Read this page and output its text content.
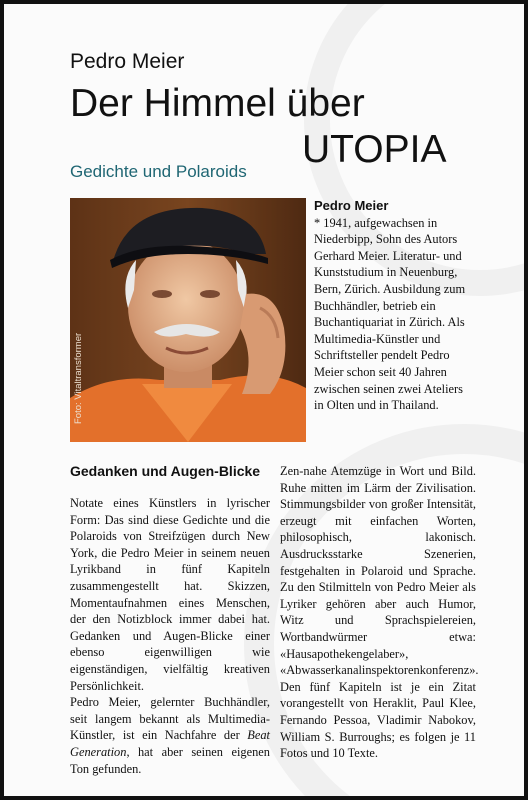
Pedro Meier
Der Himmel über
UTOPIA
Gedichte und Polaroids
Foto: Vitaltransformer
Pedro Meier
* 1941, aufgewachsen in Niederbipp, Sohn des Autors Gerhard Meier. Literatur- und Kunststudium in Neuenburg, Bern, Zürich. Ausbildung zum Buchhändler, betrieb ein Buchantiquariat in Zürich. Als Multimedia-Künstler und Schriftsteller pendelt Pedro Meier schon seit 40 Jahren zwischen seinen zwei Ateliers in Olten und in Thailand.
Gedanken und Augen-Blicke

Notate eines Künstlers in lyrischer Form: Das sind diese Gedichte und die Polaroids von Streifzügen durch New York, die Pedro Meier in seinem neuen Lyrikband in fünf Kapiteln zusammengestellt hat. Skizzen, Momentaufnahmen eines Menschen, der den Notizblock immer dabei hat. Gedanken und Augen-Blicke einer ebenso eigenwilligen wie eigenständigen, vielfältig kreativen Persönlichkeit.

Pedro Meier, gelernter Buchhändler, seit langem bekannt als Multimedia-Künstler, ist ein Nachfahre der Beat Generation, hat aber seinen eigenen Ton gefunden.

Zen-nahe Atemzüge in Wort und Bild. Ruhe mitten im Lärm der Zivilisation. Stimmungsbilder von großer Intensität, erzeugt mit einfachen Worten, philosophisch, lakonisch. Ausdrucksstarke Szenerien, festgehalten in Polaroid und Sprache. Zu den Stilmitteln von Pedro Meier als Lyriker gehören aber auch Humor, Witz und Sprachspielereien, Wortbandwürmer etwa: «Hausapothekengelaber», «Abwasserkanalinspektorenkonferenz».

Den fünf Kapiteln ist je ein Zitat vorangestellt von Heraklit, Paul Klee, Fernando Pessoa, Vladimir Nabokov, William S. Burroughs; es folgen je 11 Fotos und 10 Texte.
